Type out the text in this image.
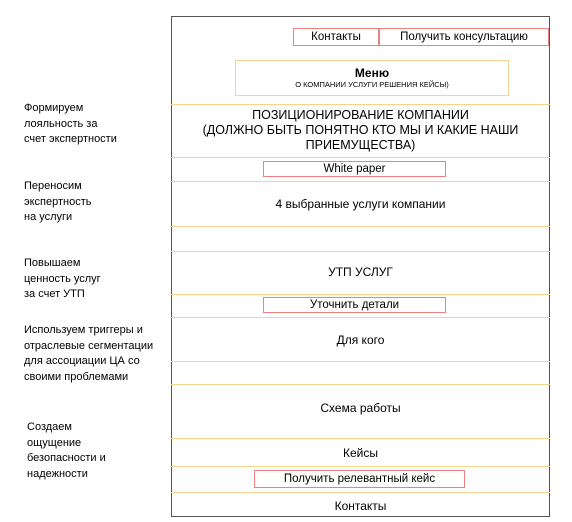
Формируем
лояльность за
счет экспертности
Переносим
экспертность
на услуги
Повышаем
ценность услуг
за счет УТП
Используем триггеры и
отраслевые сегментации
для ассоциации ЦА со
своими проблемами
Создаем
ощущение
безопасности и
надежности
Контакты	Получить консультацию
Меню
О КОМПАНИИ УСЛУГИ РЕШЕНИЯ КЕЙСЫ)
ПОЗИЦИОНИРОВАНИЕ КОМПАНИИ
(ДОЛЖНО БЫТЬ ПОНЯТНО КТО МЫ И КАКИЕ НАШИ
ПРИЕМУЩЕСТВА)
White paper
4 выбранные услуги компании
УТП УСЛУГ
Уточнить детали
Для кого
Схема работы
Кейсы
Получить релевантный кейс
Контакты
